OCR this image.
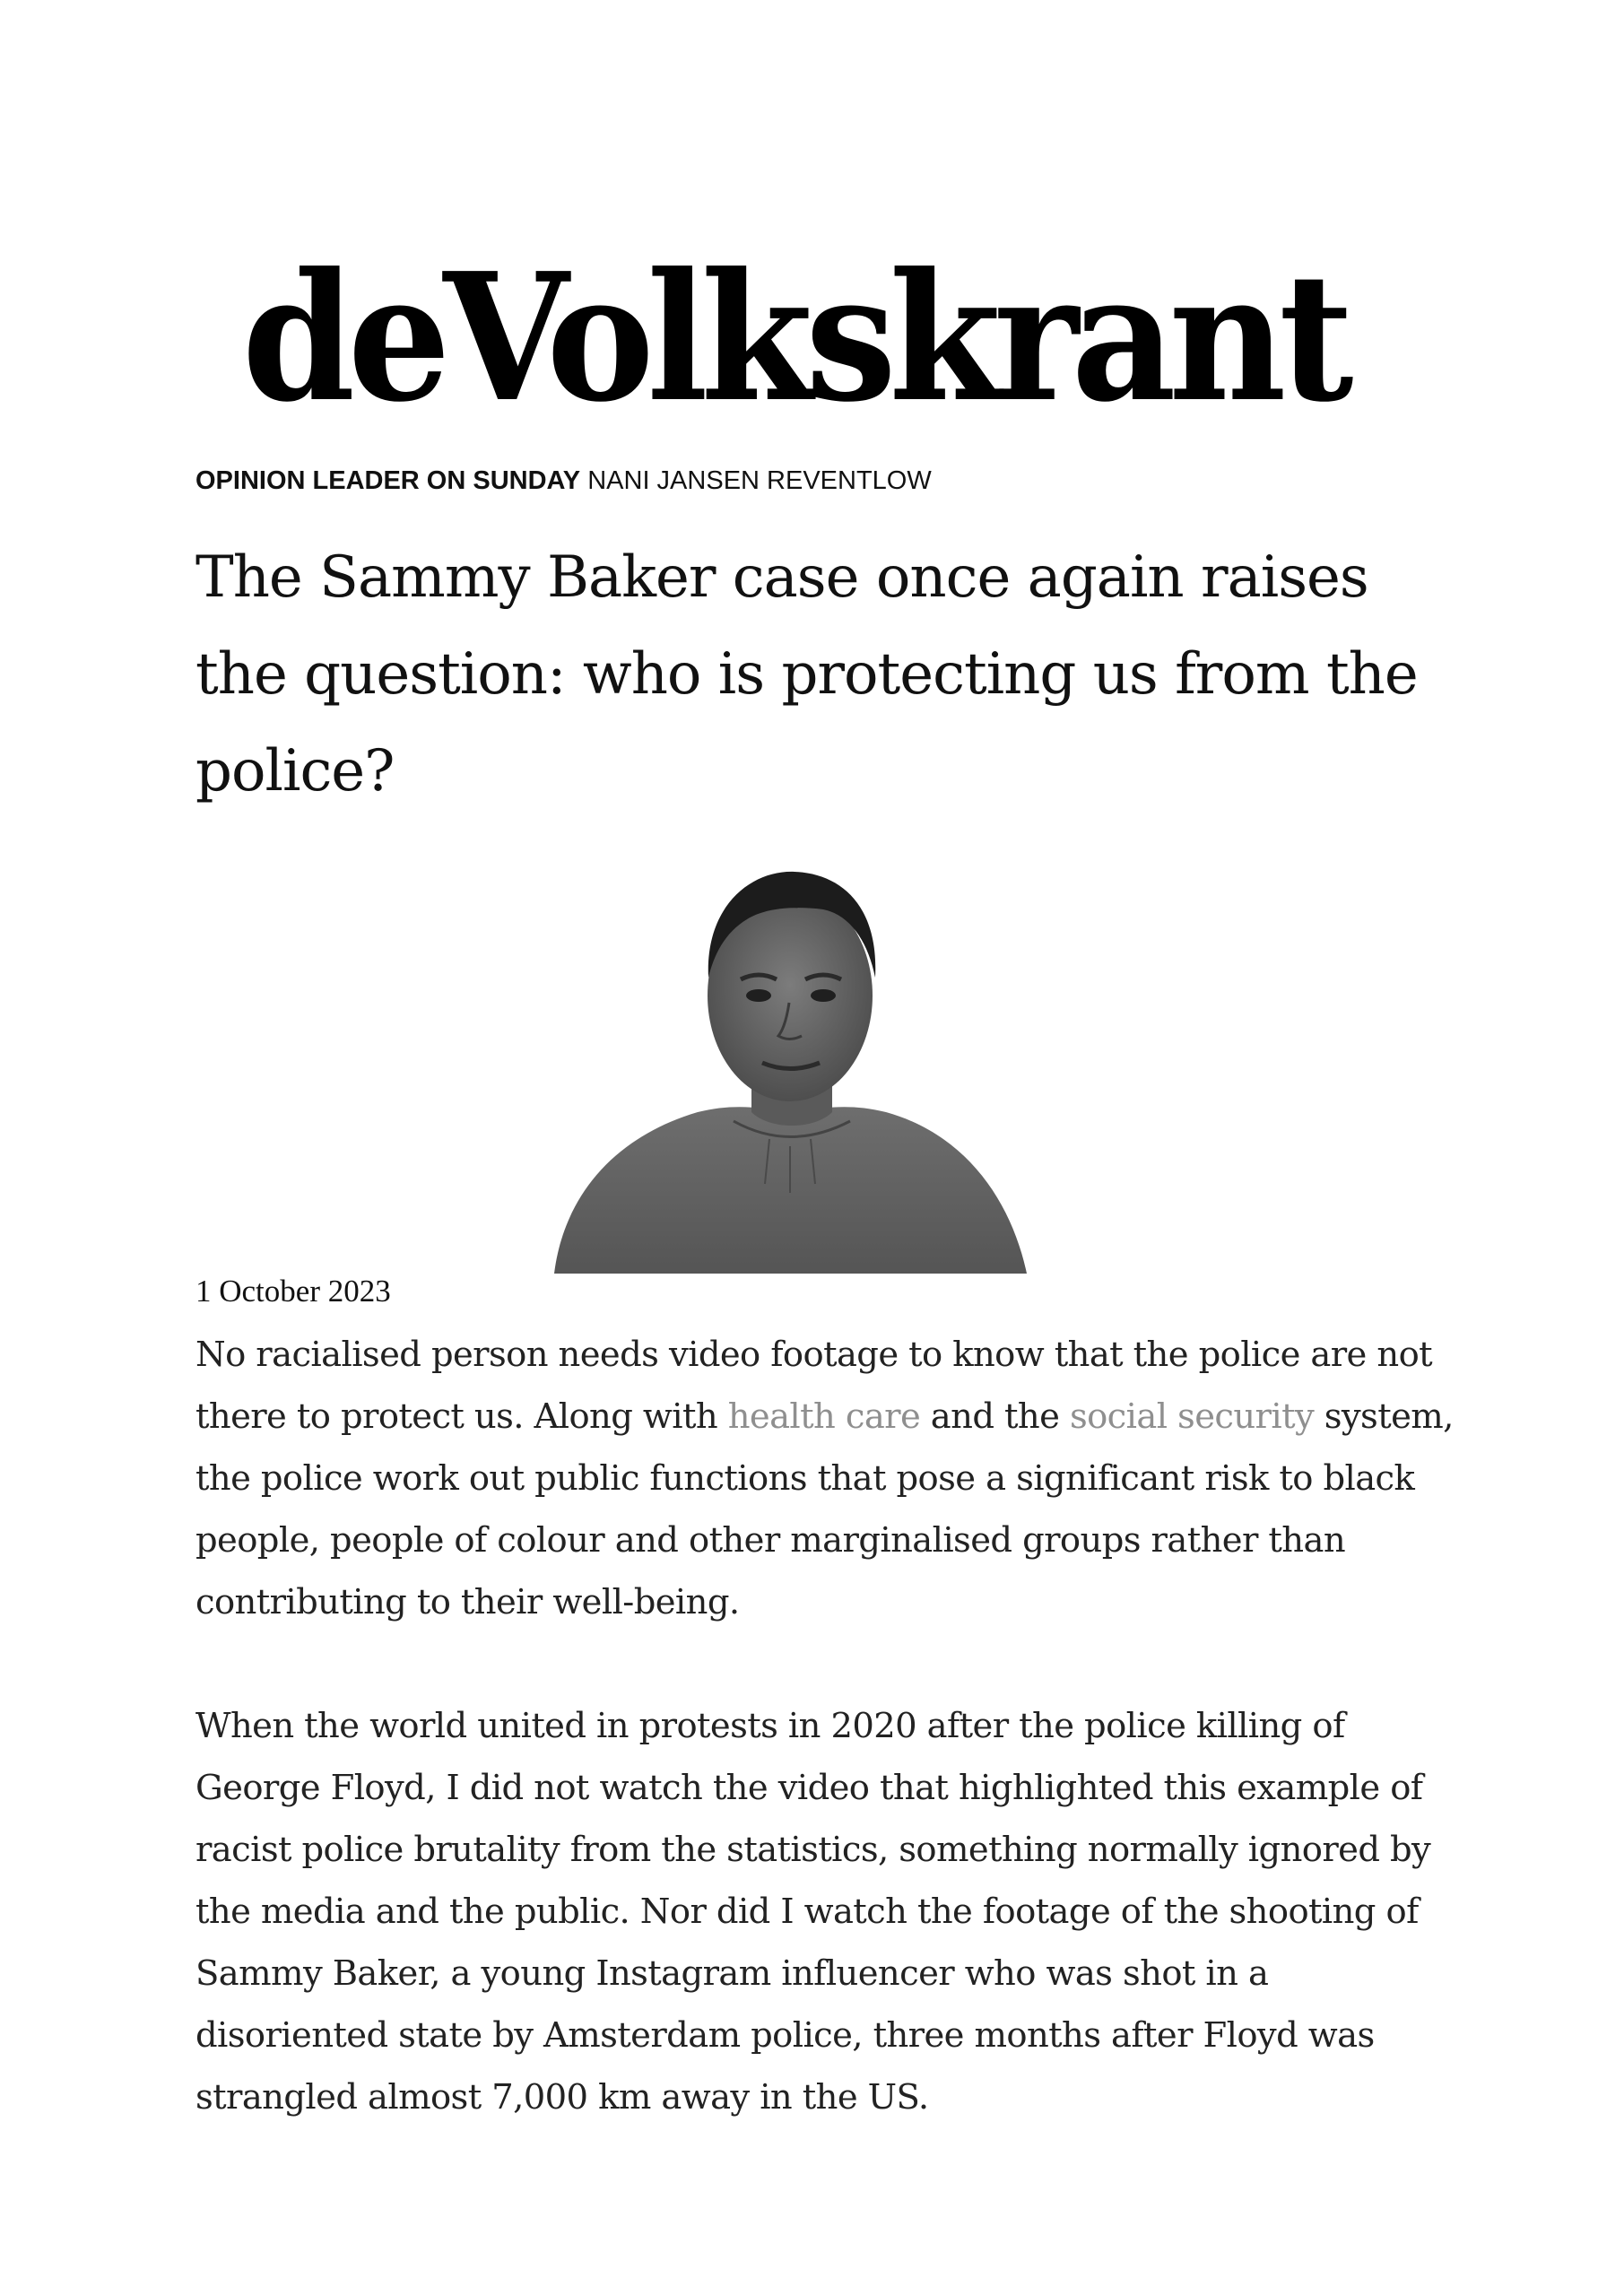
deVolkskrant
OPINION LEADER ON SUNDAY NANI JANSEN REVENTLOW
The Sammy Baker case once again raises the question: who is protecting us from the police?
1 October 2023

No racialised person needs video footage to know that the police are not there to protect us. Along with health care and the social security system, the police work out public functions that pose a significant risk to black people, people of colour and other marginalised groups rather than contributing to their well-being.

When the world united in protests in 2020 after the police killing of George Floyd, I did not watch the video that highlighted this example of racist police brutality from the statistics, something normally ignored by the media and the public. Nor did I watch the footage of the shooting of Sammy Baker, a young Instagram influencer who was shot in a disoriented state by Amsterdam police, three months after Floyd was strangled almost 7,000 km away in the US.
